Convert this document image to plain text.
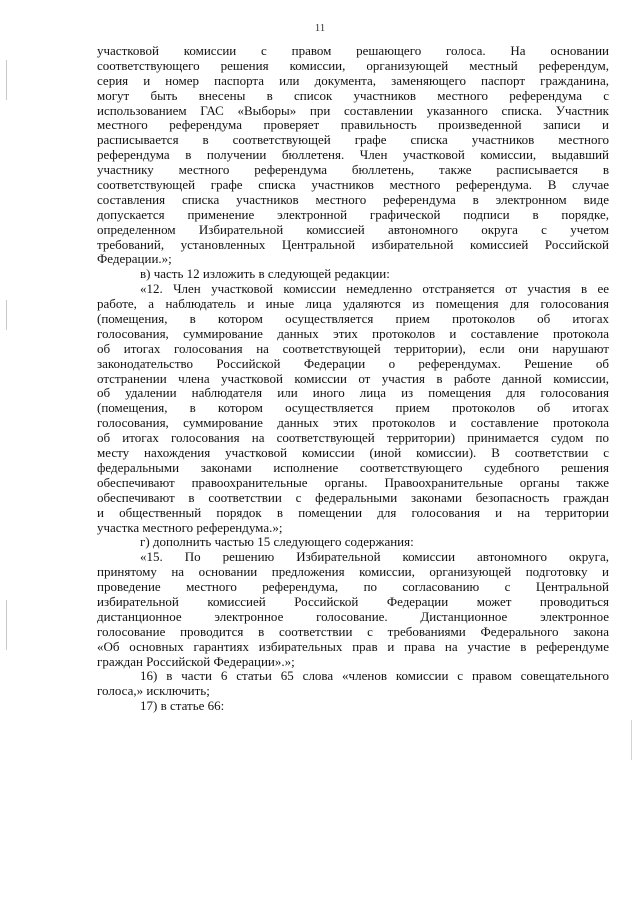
11
участковой комиссии с правом решающего голоса. На основании
соответствующего решения комиссии, организующей местный референдум,
серия и номер паспорта или документа, заменяющего паспорт гражданина,
могут быть внесены в список участников местного референдума с
использованием ГАС «Выборы» при составлении указанного списка. Участник
местного референдума проверяет правильность произведенной записи и
расписывается в соответствующей графе списка участников местного
референдума в получении бюллетеня. Член участковой комиссии, выдавший
участнику местного референдума бюллетень, также расписывается в
соответствующей графе списка участников местного референдума. В случае
составления списка участников местного референдума в электронном виде
допускается применение электронной графической подписи в порядке,
определенном Избирательной комиссией автономного округа с учетом
требований, установленных Центральной избирательной комиссией Российской
Федерации.»;
в) часть 12 изложить в следующей редакции:
«12. Член участковой комиссии немедленно отстраняется от участия в ее
работе, а наблюдатель и иные лица удаляются из помещения для голосования
(помещения, в котором осуществляется прием протоколов об итогах
голосования, суммирование данных этих протоколов и составление протокола
об итогах голосования на соответствующей территории), если они нарушают
законодательство Российской Федерации о референдумах. Решение об
отстранении члена участковой комиссии от участия в работе данной комиссии,
об удалении наблюдателя или иного лица из помещения для голосования
(помещения, в котором осуществляется прием протоколов об итогах
голосования, суммирование данных этих протоколов и составление протокола
об итогах голосования на соответствующей территории) принимается судом по
месту нахождения участковой комиссии (иной комиссии). В соответствии с
федеральными законами исполнение соответствующего судебного решения
обеспечивают правоохранительные органы. Правоохранительные органы также
обеспечивают в соответствии с федеральными законами безопасность граждан
и общественный порядок в помещении для голосования и на территории
участка местного референдума.»;
г) дополнить частью 15 следующего содержания:
«15. По решению Избирательной комиссии автономного округа,
принятому на основании предложения комиссии, организующей подготовку и
проведение местного референдума, по согласованию с Центральной
избирательной комиссией Российской Федерации может проводиться
дистанционное электронное голосование. Дистанционное электронное
голосование проводится в соответствии с требованиями Федерального закона
«Об основных гарантиях избирательных прав и права на участие в референдуме
граждан Российской Федерации».»;
16) в части 6 статьи 65 слова «членов комиссии с правом совещательного
голоса,» исключить;
17) в статье 66:
